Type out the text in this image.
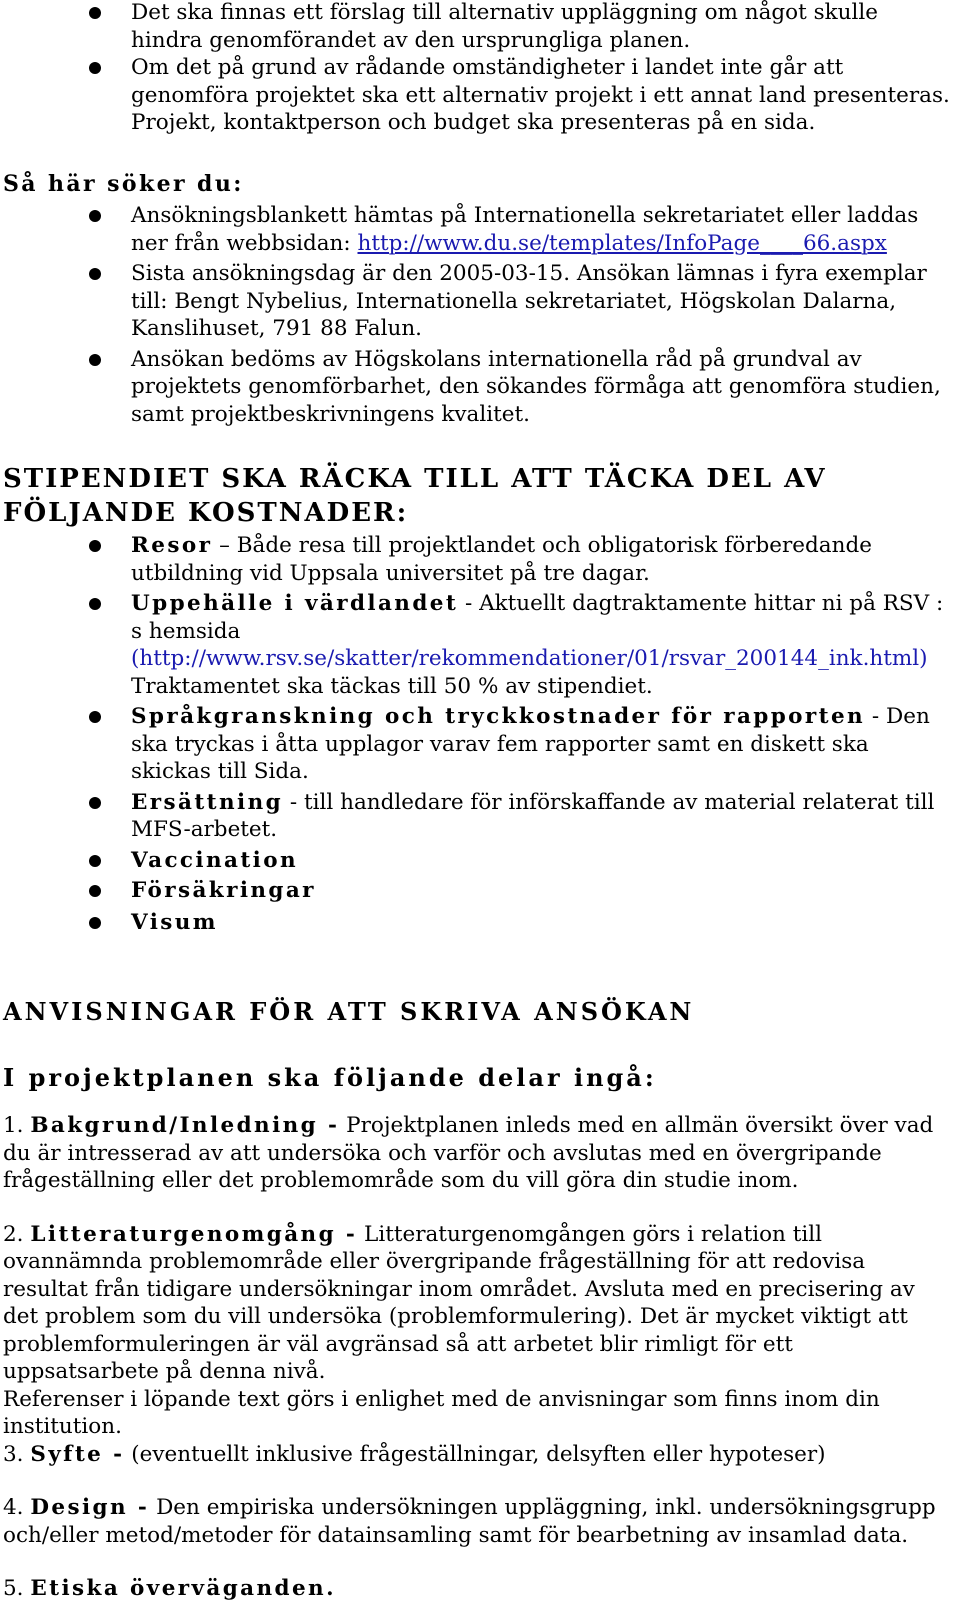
Det ska finnas ett förslag till alternativ uppläggning om något skulle hindra genomförandet av den ursprungliga planen.
Om det på grund av rådande omständigheter i landet inte går att genomföra projektet ska ett alternativ projekt i ett annat land presenteras. Projekt, kontaktperson och budget ska presenteras på en sida.
Så här söker du:
Ansökningsblankett hämtas på Internationella sekretariatet eller laddas ner från webbsidan: http://www.du.se/templates/InfoPage____66.aspx
Sista ansökningsdag är den 2005-03-15. Ansökan lämnas i fyra exemplar till: Bengt Nybelius, Internationella sekretariatet, Högskolan Dalarna, Kanslihuset, 791 88 Falun.
Ansökan bedöms av Högskolans internationella råd på grundval av projektets genomförbarhet, den sökandes förmåga att genomföra studien, samt projektbeskrivningens kvalitet.
STIPENDIET SKA RÄCKA TILL ATT TÄCKA DEL AV FÖLJANDE KOSTNADER:
Resor – Både resa till projektlandet och obligatorisk förberedande utbildning vid Uppsala universitet på tre dagar.
Uppehälle i värdlandet - Aktuellt dagtraktamente hittar ni på RSV : s hemsida (http://www.rsv.se/skatter/rekommendationer/01/rsvar_200144_ink.html) Traktamentet ska täckas till 50 % av stipendiet.
Språkgranskning och tryckkostnader för rapporten - Den ska tryckas i åtta upplagor varav fem rapporter samt en diskett ska skickas till Sida.
Ersättning - till handledare för införskaffande av material relaterat till MFS-arbetet.
Vaccination
Försäkringar
Visum
ANVISNINGAR FÖR ATT SKRIVA ANSÖKAN
I projektplanen ska följande delar ingå:

1. Bakgrund/Inledning - Projektplanen inleds med en allmän översikt över vad du är intresserad av att undersöka och varför och avslutas med en övergripande frågeställning eller det problemområde som du vill göra din studie inom.

2. Litteraturgenomgång - Litteraturgenomgången görs i relation till ovannämnda problemområde eller övergripande frågeställning för att redovisa resultat från tidigare undersökningar inom området. Avsluta med en precisering av det problem som du vill undersöka (problemformulering). Det är mycket viktigt att problemformuleringen är väl avgränsad så att arbetet blir rimligt för ett uppsatsarbete på denna nivå.

Referenser i löpande text görs i enlighet med de anvisningar som finns inom din institution.

3. Syfte - (eventuellt inklusive frågeställningar, delsyften eller hypoteser)

4. Design - Den empiriska undersökningen uppläggning, inkl. undersökningsgrupp och/eller metod/metoder för datainsamling samt för bearbetning av insamlad data.

5. Etiska överväganden.
